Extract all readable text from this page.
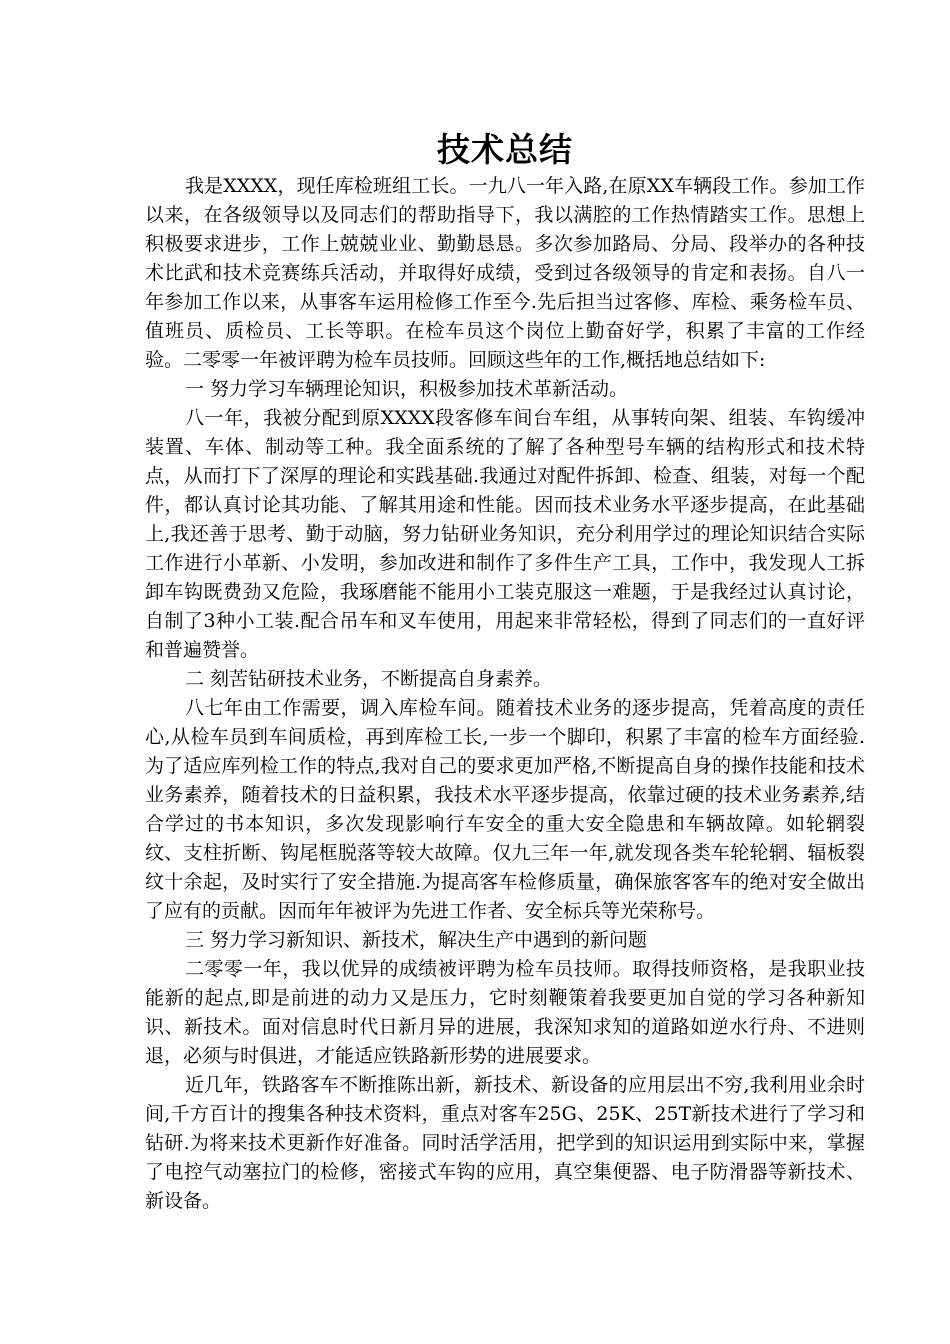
技术总结

我是XXXX，现任库检班组工长。一九八一年入路,在原XX车辆段工作。参加工作以来，在各级领导以及同志们的帮助指导下，我以满腔的工作热情踏实工作。思想上积极要求进步，工作上兢兢业业、勤勤恳恳。多次参加路局、分局、段举办的各种技术比武和技术竞赛练兵活动，并取得好成绩，受到过各级领导的肯定和表扬。自八一年参加工作以来，从事客车运用检修工作至今.先后担当过客修、库检、乘务检车员、值班员、质检员、工长等职。在检车员这个岗位上勤奋好学，积累了丰富的工作经验。二零零一年被评聘为检车员技师。回顾这些年的工作,概括地总结如下:

一 努力学习车辆理论知识，积极参加技术革新活动。

八一年，我被分配到原XXXX段客修车间台车组，从事转向架、组装、车钩缓冲装置、车体、制动等工种。我全面系统的了解了各种型号车辆的结构形式和技术特点，从而打下了深厚的理论和实践基础.我通过对配件拆卸、检查、组装，对每一个配件，都认真讨论其功能、了解其用途和性能。因而技术业务水平逐步提高，在此基础上,我还善于思考、勤于动脑，努力钻研业务知识，充分利用学过的理论知识结合实际工作进行小革新、小发明，参加改进和制作了多件生产工具，工作中，我发现人工拆卸车钩既费劲又危险，我琢磨能不能用小工装克服这一难题，于是我经过认真讨论，自制了3种小工装.配合吊车和叉车使用，用起来非常轻松，得到了同志们的一直好评和普遍赞誉。

二 刻苦钻研技术业务，不断提高自身素养。

八七年由工作需要，调入库检车间。随着技术业务的逐步提高，凭着高度的责任心,从检车员到车间质检，再到库检工长,一步一个脚印，积累了丰富的检车方面经验.为了适应库列检工作的特点,我对自己的要求更加严格,不断提高自身的操作技能和技术业务素养，随着技术的日益积累，我技术水平逐步提高，依靠过硬的技术业务素养,结合学过的书本知识，多次发现影响行车安全的重大安全隐患和车辆故障。如轮辋裂纹、支柱折断、钩尾框脱落等较大故障。仅九三年一年,就发现各类车轮轮辋、辐板裂纹十余起，及时实行了安全措施.为提高客车检修质量，确保旅客客车的绝对安全做出了应有的贡献。因而年年被评为先进工作者、安全标兵等光荣称号。

三 努力学习新知识、新技术，解决生产中遇到的新问题

二零零一年，我以优异的成绩被评聘为检车员技师。取得技师资格，是我职业技能新的起点,即是前进的动力又是压力，它时刻鞭策着我要更加自觉的学习各种新知识、新技术。面对信息时代日新月异的进展，我深知求知的道路如逆水行舟、不进则退，必须与时俱进，才能适应铁路新形势的进展要求。

近几年，铁路客车不断推陈出新，新技术、新设备的应用层出不穷,我利用业余时间,千方百计的搜集各种技术资料，重点对客车25G、25K、25T新技术进行了学习和钻研.为将来技术更新作好准备。同时活学活用，把学到的知识运用到实际中来，掌握了电控气动塞拉门的检修，密接式车钩的应用，真空集便器、电子防滑器等新技术、新设备。
